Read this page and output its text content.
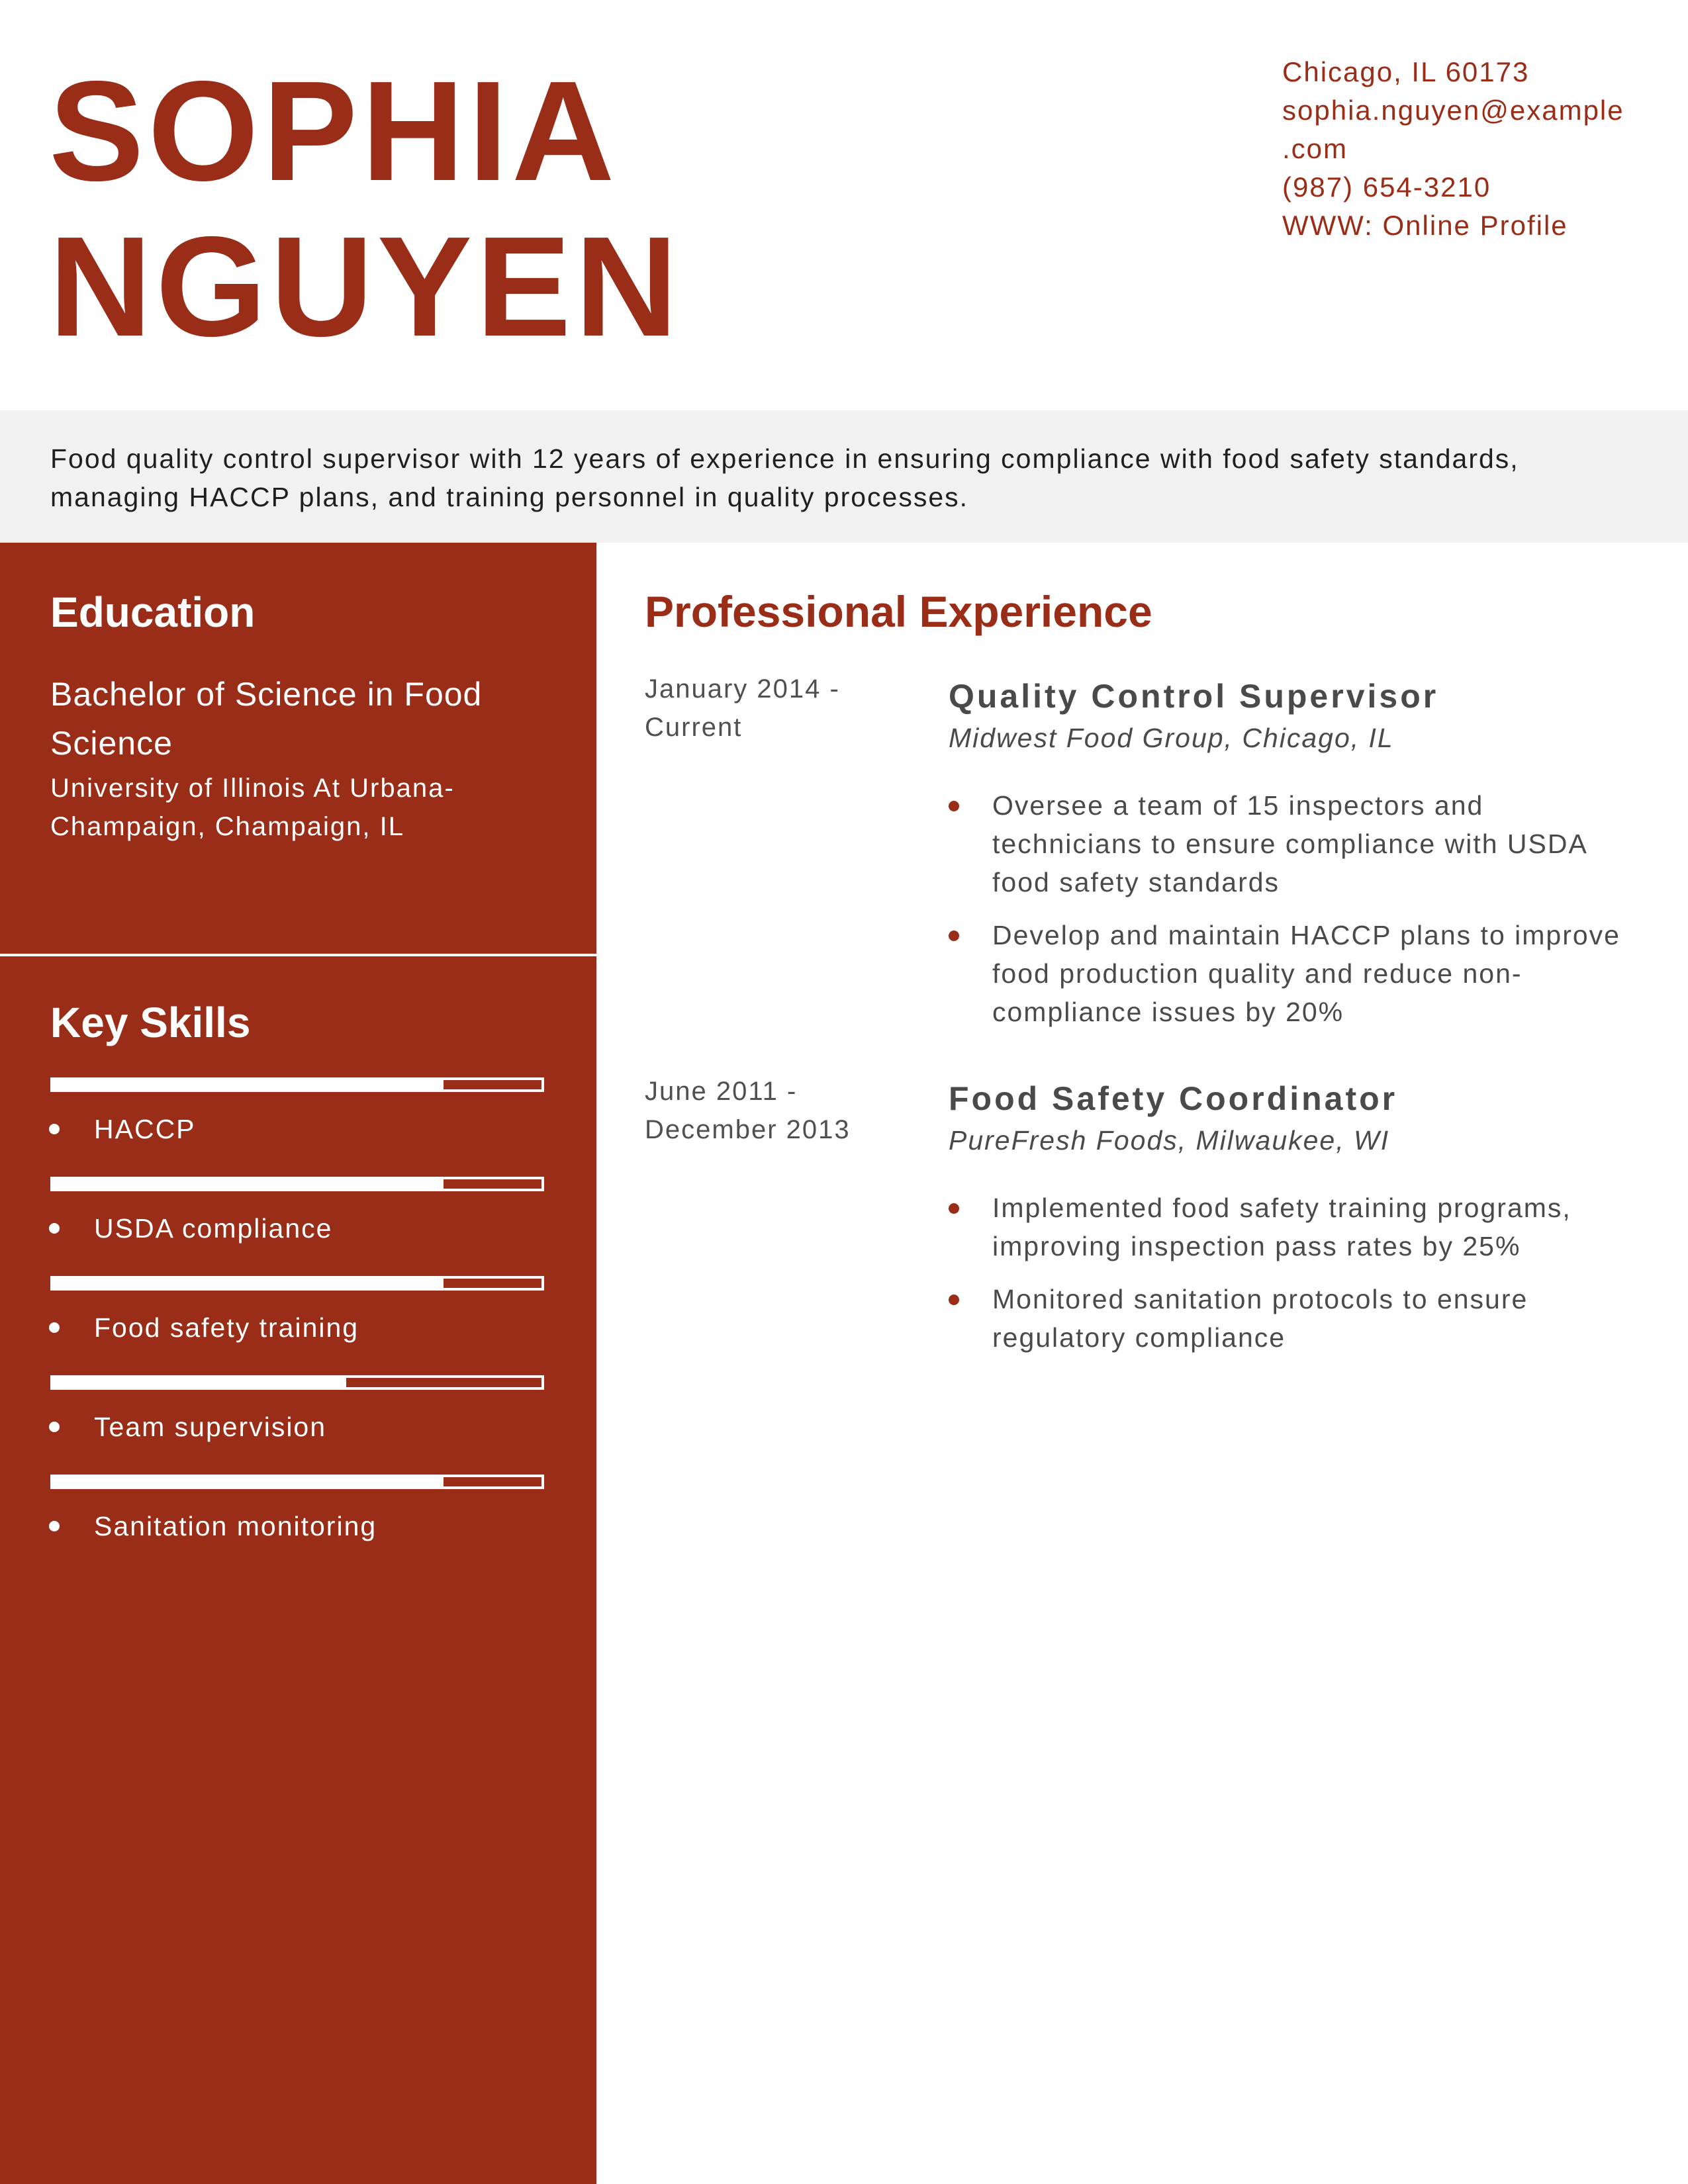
SOPHIA
NGUYEN
Chicago, IL 60173
sophia.nguyen@example
.com
(987) 654-3210
WWW: Online Profile
Food quality control supervisor with 12 years of experience in ensuring compliance with food safety standards, managing HACCP plans, and training personnel in quality processes.
Education
Bachelor of Science in Food Science
University of Illinois At Urbana-Champaign, Champaign, IL
Key Skills
HACCP
USDA compliance
Food safety training
Team supervision
Sanitation monitoring
Professional Experience
January 2014 - Current
Quality Control Supervisor
Midwest Food Group, Chicago, IL
Oversee a team of 15 inspectors and technicians to ensure compliance with USDA food safety standards
Develop and maintain HACCP plans to improve food production quality and reduce non-compliance issues by 20%
June 2011 - December 2013
Food Safety Coordinator
PureFresh Foods, Milwaukee, WI
Implemented food safety training programs, improving inspection pass rates by 25%
Monitored sanitation protocols to ensure regulatory compliance
